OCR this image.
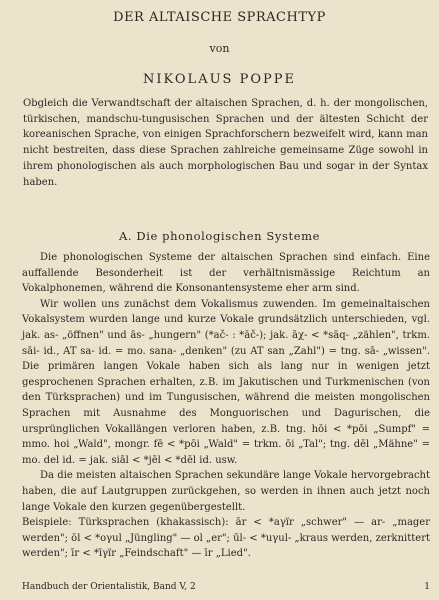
DER ALTAISCHE SPRACHTYP
von
NIKOLAUS POPPE

Obgleich die Verwandtschaft der altaischen Sprachen, d. h. der mongolischen, türkischen, mandschu-tungusischen Sprachen und der ältesten Schicht der koreanischen Sprache, von einigen Sprachforschern bezweifelt wird, kann man nicht bestreiten, dass diese Sprachen zahlreiche gemeinsame Züge sowohl in ihrem phonologischen als auch morphologischen Bau und sogar in der Syntax haben.

A. Die phonologischen Systeme

Die phonologischen Systeme der altaischen Sprachen sind einfach. Eine auffallende Besonderheit ist der verhältnismässige Reichtum an Vokalphonemen, während die Konsonantensysteme eher arm sind.

Wir wollen uns zunächst dem Vokalismus zuwenden. Im gemeinaltaischen Vokalsystem wurden lange und kurze Vokale grundsätzlich unterschieden, vgl. jak. as- „öffnen" und ās- „hungern" (*ač- : *āč-); jak. āχ- < *sāq- „zählen", trkm. sāi- id., AT sa- id. = mo. sana- „denken" (zu AT san „Zahl") = tng. sā- „wissen". Die primären langen Vokale haben sich als lang nur in wenigen jetzt gesprochenen Sprachen erhalten, z.B. im Jakutischen und Turkmenischen (von den Türksprachen) und im Tungusischen, während die meisten mongolischen Sprachen mit Ausnahme des Monguorischen und Dagurischen, die ursprünglichen Vokallängen verloren haben, z.B. tng. hōi < *pōi „Sumpf" = mmo. hoi „Wald", mongr. fē < *pōi „Wald" = trkm. ōi „Tal"; tng. dēl „Mähne" = mo. del id. = jak. siāl < *jēl < *dēl id. usw.

Da die meisten altaischen Sprachen sekundäre lange Vokale hervorgebracht haben, die auf Lautgruppen zurückgehen, so werden in ihnen auch jetzt noch lange Vokale den kurzen gegenübergestellt.

Beispiele: Türksprachen (khakassisch): ār < *aγïr „schwer" — ar- „mager werden"; ōl < *oγul „Jüngling" — ol „er"; ūl- < *uγul- „kraus werden, zerknittert werden"; īr < *īγïr „Feindschaft" — īr „Lied".

Handbuch der Orientalistik, Band V, 2	1
